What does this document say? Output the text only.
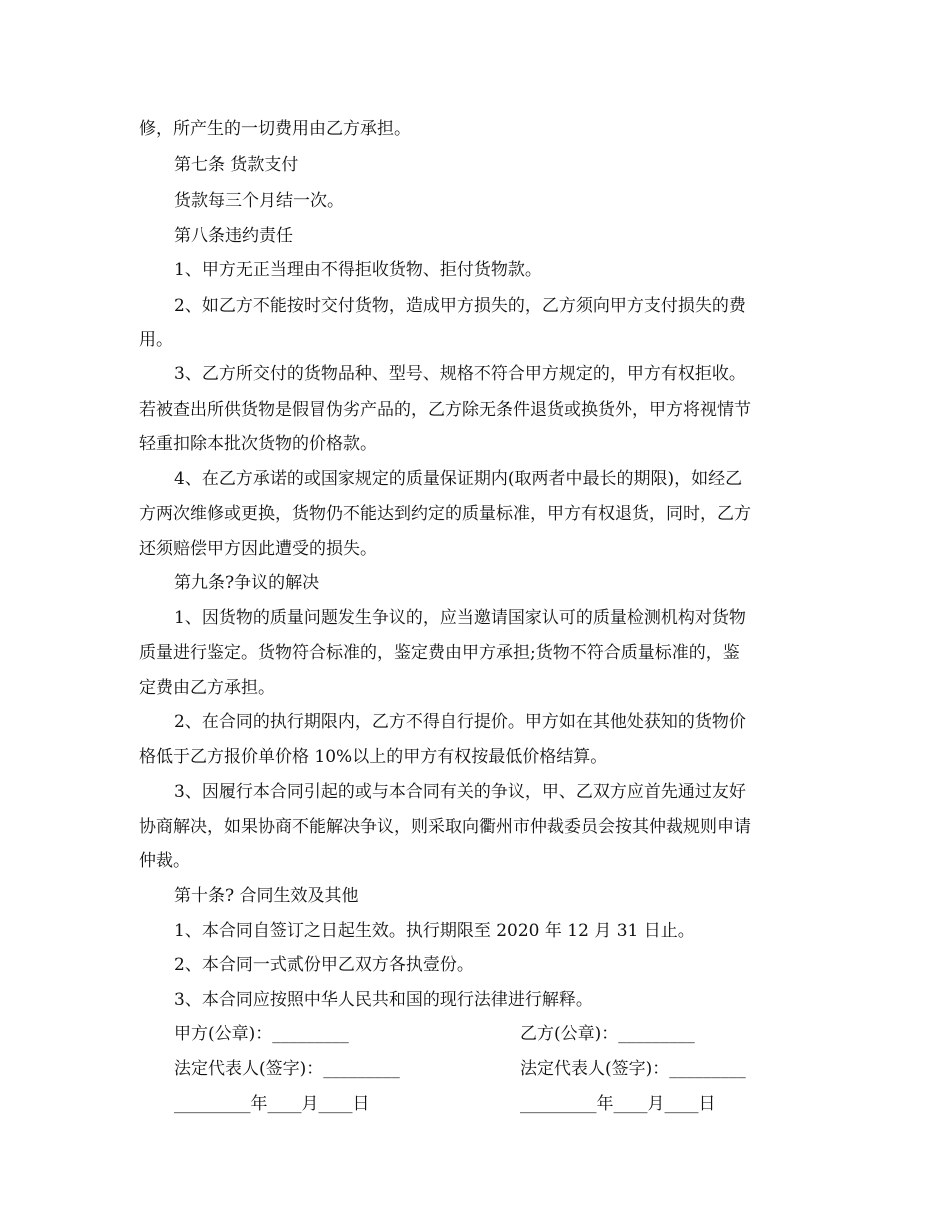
修，所产生的一切费用由乙方承担。
第七条 货款支付
货款每三个月结一次。
第八条违约责任
1、甲方无正当理由不得拒收货物、拒付货物款。
2、如乙方不能按时交付货物，造成甲方损失的，乙方须向甲方支付损失的费
用。
3、乙方所交付的货物品种、型号、规格不符合甲方规定的，甲方有权拒收。
若被查出所供货物是假冒伪劣产品的，乙方除无条件退货或换货外，甲方将视情节
轻重扣除本批次货物的价格款。
4、在乙方承诺的或国家规定的质量保证期内(取两者中最长的期限)，如经乙
方两次维修或更换，货物仍不能达到约定的质量标准，甲方有权退货，同时，乙方
还须赔偿甲方因此遭受的损失。
第九条?争议的解决
1、因货物的质量问题发生争议的，应当邀请国家认可的质量检测机构对货物
质量进行鉴定。货物符合标准的，鉴定费由甲方承担;货物不符合质量标准的，鉴
定费由乙方承担。
2、在合同的执行期限内，乙方不得自行提价。甲方如在其他处获知的货物价
格低于乙方报价单价格 10%以上的甲方有权按最低价格结算。
3、因履行本合同引起的或与本合同有关的争议，甲、乙双方应首先通过友好
协商解决，如果协商不能解决争议，则采取向衢州市仲裁委员会按其仲裁规则申请
仲裁。
第十条? 合同生效及其他
1、本合同自签订之日起生效。执行期限至 2020 年 12 月 31 日止。
2、本合同一式贰份甲乙双方各执壹份。
3、本合同应按照中华人民共和国的现行法律进行解释。
甲方(公章)：_________	乙方(公章)：_________
法定代表人(签字)：_________	法定代表人(签字)：_________
_________年____月____日	_________年____月____日
